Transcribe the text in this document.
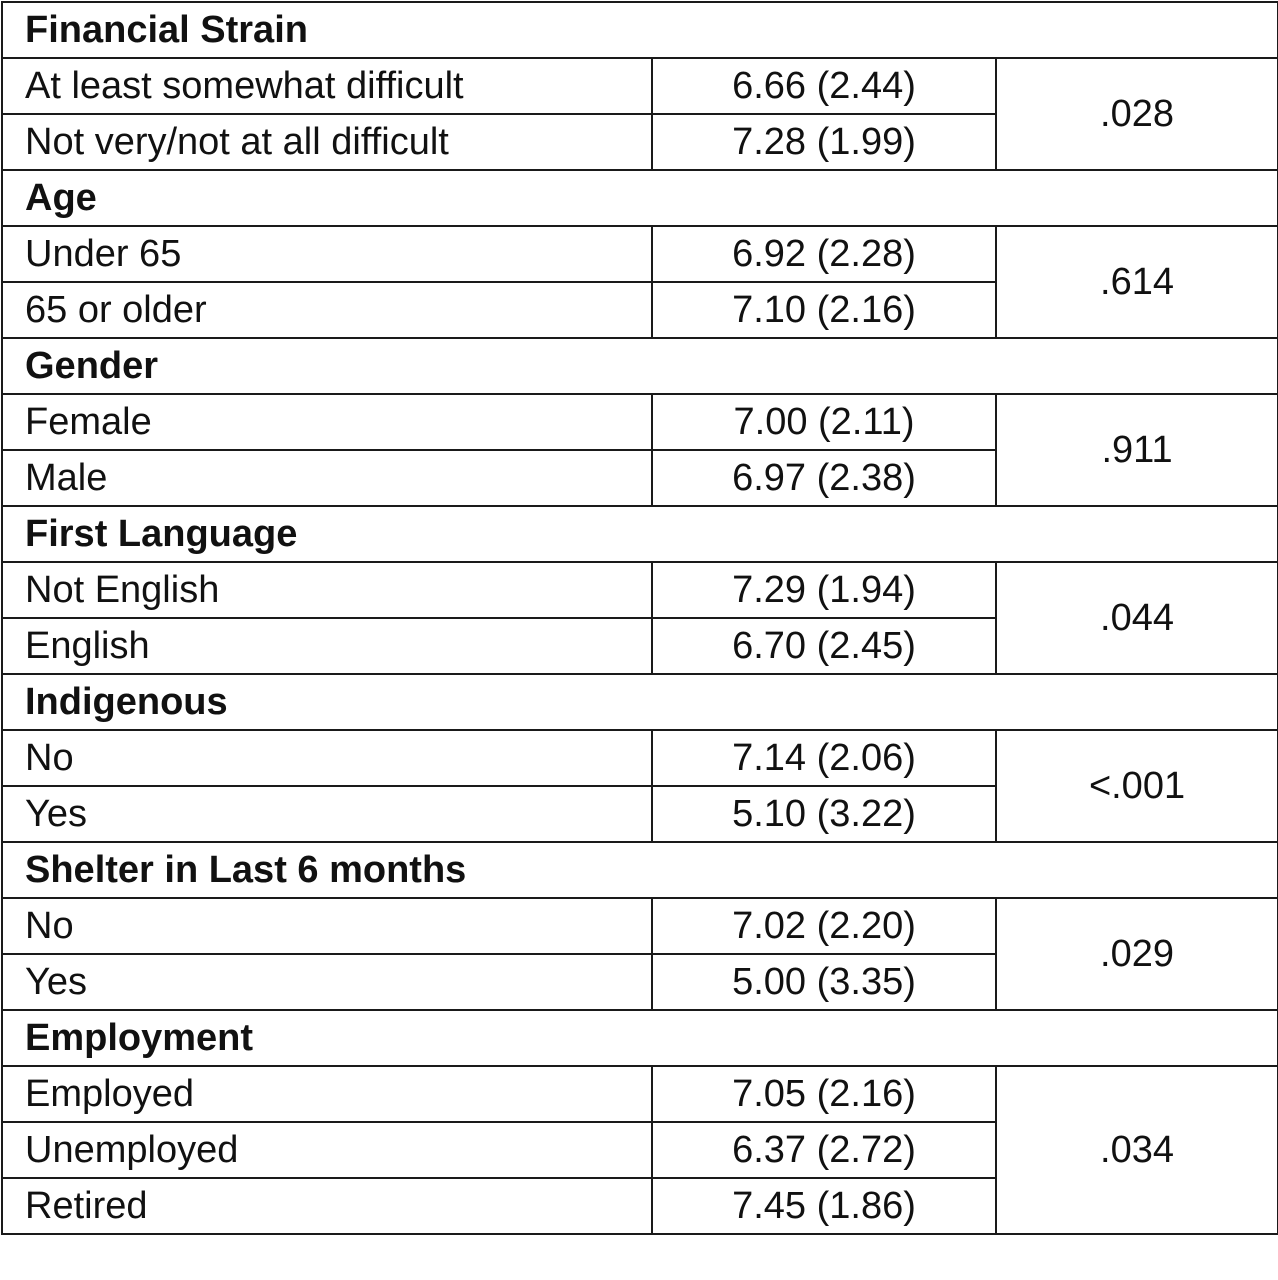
Financial Strain		
At least somewhat difficult	6.66 (2.44)	.028
Not very/not at all difficult	7.28 (1.99)	
Age		
Under 65	6.92 (2.28)	.614
65 or older	7.10 (2.16)	
Gender		
Female	7.00 (2.11)	.911
Male	6.97 (2.38)	
First Language		
Not English	7.29 (1.94)	.044
English	6.70 (2.45)	
Indigenous		
No	7.14 (2.06)	<.001
Yes	5.10 (3.22)	
Shelter in Last 6 months		
No	7.02 (2.20)	.029
Yes	5.00 (3.35)	
Employment		
Employed	7.05 (2.16)	.034
Unemployed	6.37 (2.72)	
Retired	7.45 (1.86)	
